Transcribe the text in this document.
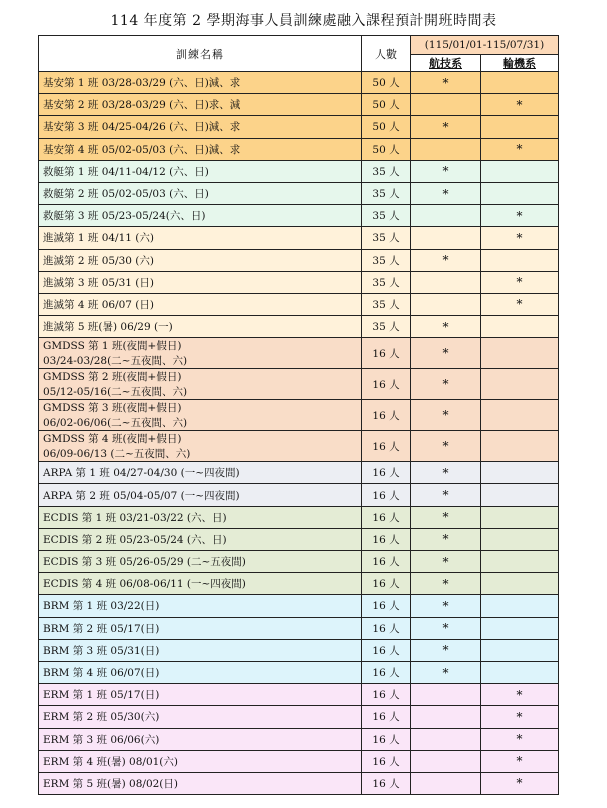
114 年度第 2 學期海事人員訓練處融入課程預計開班時間表
訓練名稱	人數	(115/01/01-115/07/31)	
		航技系	輪機系

基安第 1 班 03/28-03/29 (六、日)減、求	50 人	*	

基安第 2 班 03/28-03/29 (六、日)求、減	50 人		*

基安第 3 班 04/25-04/26 (六、日)減、求	50 人	*	

基安第 4 班 05/02-05/03 (六、日)減、求	50 人		*

救艇第 1 班 04/11-04/12 (六、日)	35 人	*	

救艇第 2 班 05/02-05/03 (六、日)	35 人	*	

救艇第 3 班 05/23-05/24(六、日)	35 人		*

進滅第 1 班 04/11 (六)	35 人		*

進滅第 2 班 05/30 (六)	35 人	*	

進滅第 3 班 05/31 (日)	35 人		*

進滅第 4 班 06/07 (日)	35 人		*

進滅第 5 班(暑) 06/29 (一)	35 人	*	

GMDSS 第 1 班(夜間+假日)
03/24-03/28(二~五夜間、六)	16 人	*	

GMDSS 第 2 班(夜間+假日)
05/12-05/16(二~五夜間、六)	16 人	*	

GMDSS 第 3 班(夜間+假日)
06/02-06/06(二~五夜間、六)	16 人	*	

GMDSS 第 4 班(夜間+假日)
06/09-06/13 (二~五夜間、六)	16 人	*	

ARPA 第 1 班 04/27-04/30 (一~四夜間)	16 人	*	

ARPA 第 2 班 05/04-05/07 (一~四夜間)	16 人	*	

ECDIS 第 1 班 03/21-03/22 (六、日)	16 人	*	

ECDIS 第 2 班 05/23-05/24 (六、日)	16 人	*	

ECDIS 第 3 班 05/26-05/29 (二~五夜間)	16 人	*	

ECDIS 第 4 班 06/08-06/11 (一~四夜間)	16 人	*	

BRM 第 1 班 03/22(日)	16 人	*	

BRM 第 2 班 05/17(日)	16 人	*	

BRM 第 3 班 05/31(日)	16 人	*	

BRM 第 4 班 06/07(日)	16 人	*	

ERM 第 1 班 05/17(日)	16 人		*

ERM 第 2 班 05/30(六)	16 人		*

ERM 第 3 班 06/06(六)	16 人		*

ERM 第 4 班(暑) 08/01(六)	16 人		*

ERM 第 5 班(暑) 08/02(日)	16 人		*
